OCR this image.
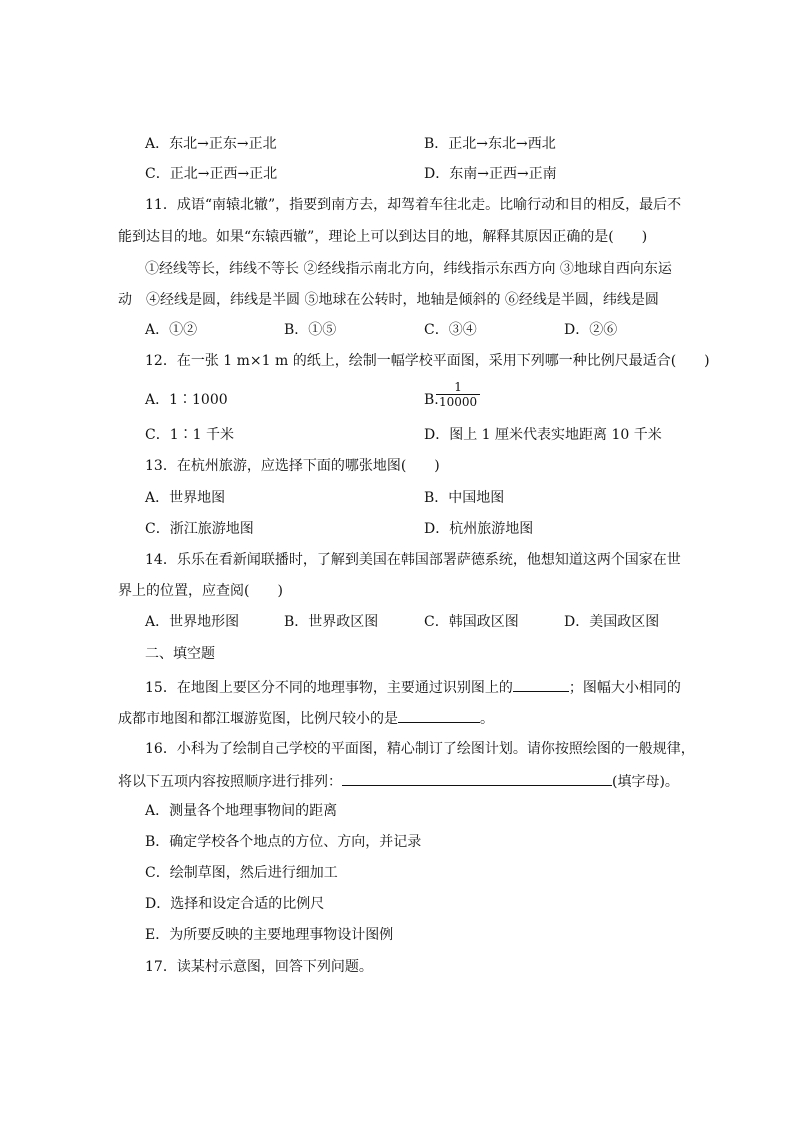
A．东北→正东→正北	B．正北→东北→西北
C．正北→正西→正北	D．东南→正西→正南
11．成语“南辕北辙”，指要到南方去，却驾着车往北走。比喻行动和目的相反，最后不
能到达目的地。如果“东辕西辙”，理论上可以到达目的地，解释其原因正确的是(　　)
①经线等长，纬线不等长 ②经线指示南北方向，纬线指示东西方向 ③地球自西向东运
动　④经线是圆，纬线是半圆 ⑤地球在公转时，地轴是倾斜的 ⑥经线是半圆，纬线是圆
A．①②	B．①⑤	C．③④	D．②⑥
12．在一张 1 m×1 m 的纸上，绘制一幅学校平面图，采用下列哪一种比例尺最适合(　　)
A．1∶1000	B.
$\frac{1}{10000}$
C．1∶1 千米	D．图上 1 厘米代表实地距离 10 千米
13．在杭州旅游，应选择下面的哪张地图(　　)
A．世界地图	B．中国地图
C．浙江旅游地图	D．杭州旅游地图
14．乐乐在看新闻联播时，了解到美国在韩国部署萨德系统，他想知道这两个国家在世
界上的位置，应查阅(　　)
A．世界地形图	B．世界政区图	C．韩国政区图	D．美国政区图
二、填空题
15．在地图上要区分不同的地理事物，主要通过识别图上的	；图幅大小相同的
成都市地图和都江堰游览图，比例尺较小的是	。
16．小科为了绘制自己学校的平面图，精心制订了绘图计划。请你按照绘图的一般规律，
将以下五项内容按照顺序进行排列：	(填字母)。
A．测量各个地理事物间的距离
B．确定学校各个地点的方位、方向，并记录
C．绘制草图，然后进行细加工
D．选择和设定合适的比例尺
E．为所要反映的主要地理事物设计图例
17．读某村示意图，回答下列问题。
